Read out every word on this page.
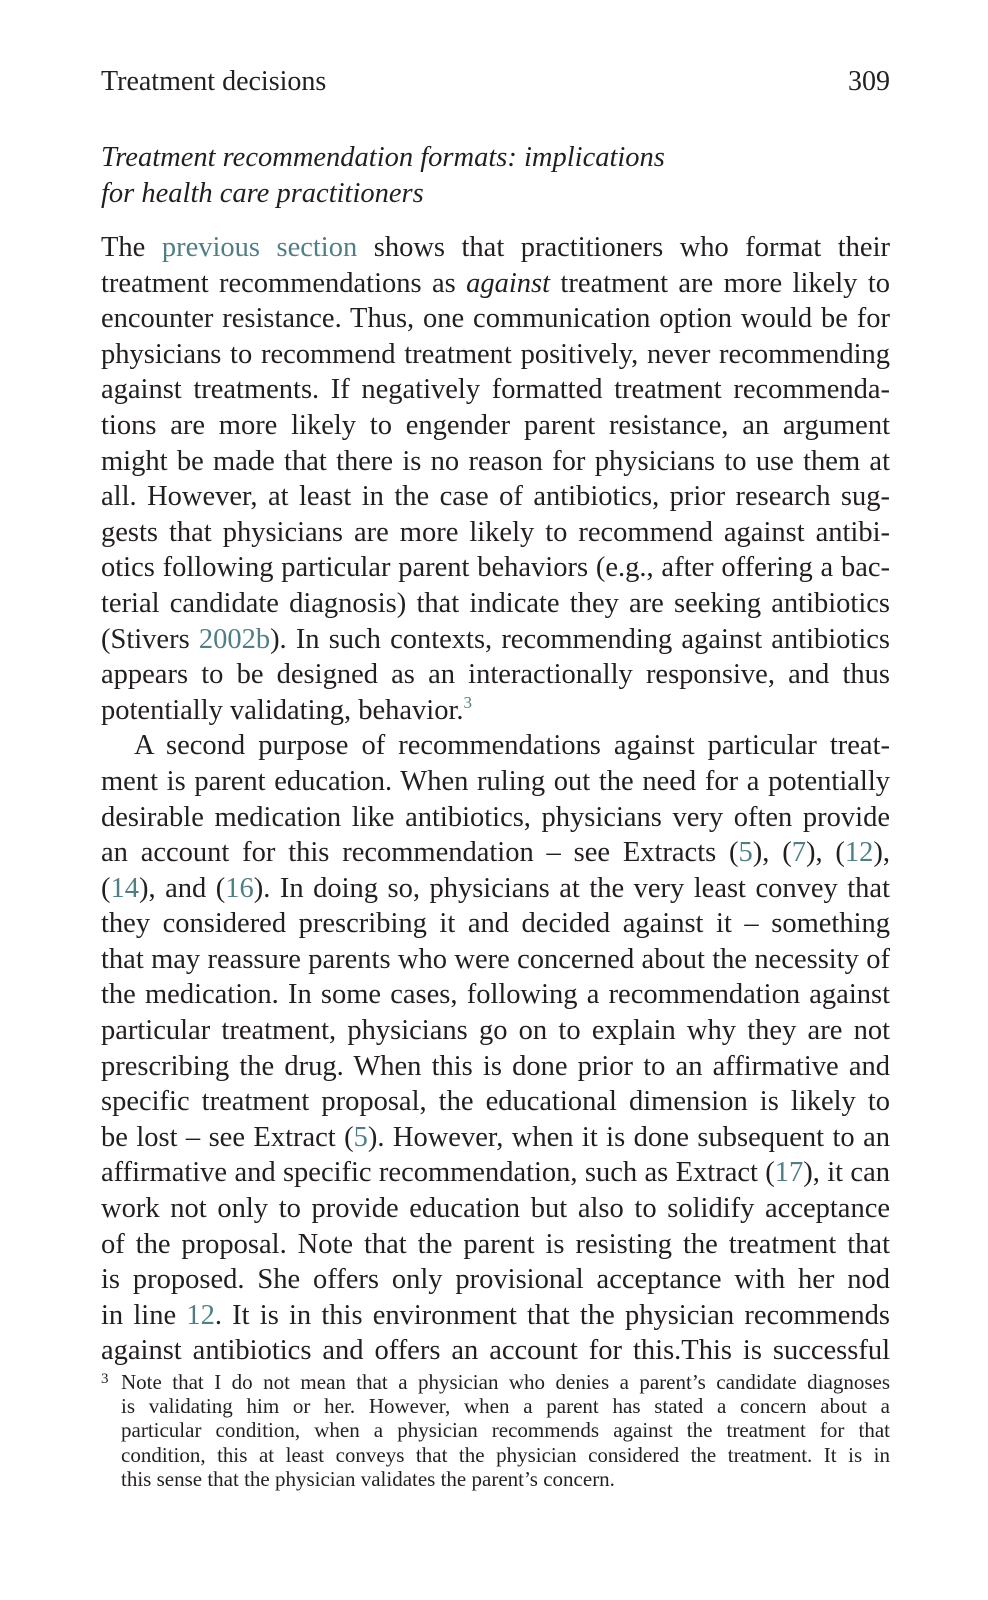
Treatment decisions	309
Treatment recommendation formats: implications
for health care practitioners
The previous section shows that practitioners who format their
treatment recommendations as against treatment are more likely to
encounter resistance. Thus, one communication option would be for
physicians to recommend treatment positively, never recommending
against treatments. If negatively formatted treatment recommenda-
tions are more likely to engender parent resistance, an argument
might be made that there is no reason for physicians to use them at
all. However, at least in the case of antibiotics, prior research sug-
gests that physicians are more likely to recommend against antibi-
otics following particular parent behaviors (e.g., after offering a bac-
terial candidate diagnosis) that indicate they are seeking antibiotics
(Stivers 2002b). In such contexts, recommending against antibiotics
appears to be designed as an interactionally responsive, and thus
potentially validating, behavior.$^3$
A second purpose of recommendations against particular treat-
ment is parent education. When ruling out the need for a potentially
desirable medication like antibiotics, physicians very often provide
an account for this recommendation – see Extracts (5), (7), (12),
(14), and (16). In doing so, physicians at the very least convey that
they considered prescribing it and decided against it – something
that may reassure parents who were concerned about the necessity of
the medication. In some cases, following a recommendation against
particular treatment, physicians go on to explain why they are not
prescribing the drug. When this is done prior to an affirmative and
specific treatment proposal, the educational dimension is likely to
be lost – see Extract (5). However, when it is done subsequent to an
affirmative and specific recommendation, such as Extract (17), it can
work not only to provide education but also to solidify acceptance
of the proposal. Note that the parent is resisting the treatment that
is proposed. She offers only provisional acceptance with her nod
in line 12. It is in this environment that the physician recommends
against antibiotics and offers an account for this.This is successful
3 Note that I do not mean that a physician who denies a parent’s candidate diagnoses
is validating him or her. However, when a parent has stated a concern about a
particular condition, when a physician recommends against the treatment for that
condition, this at least conveys that the physician considered the treatment. It is in
this sense that the physician validates the parent’s concern.
